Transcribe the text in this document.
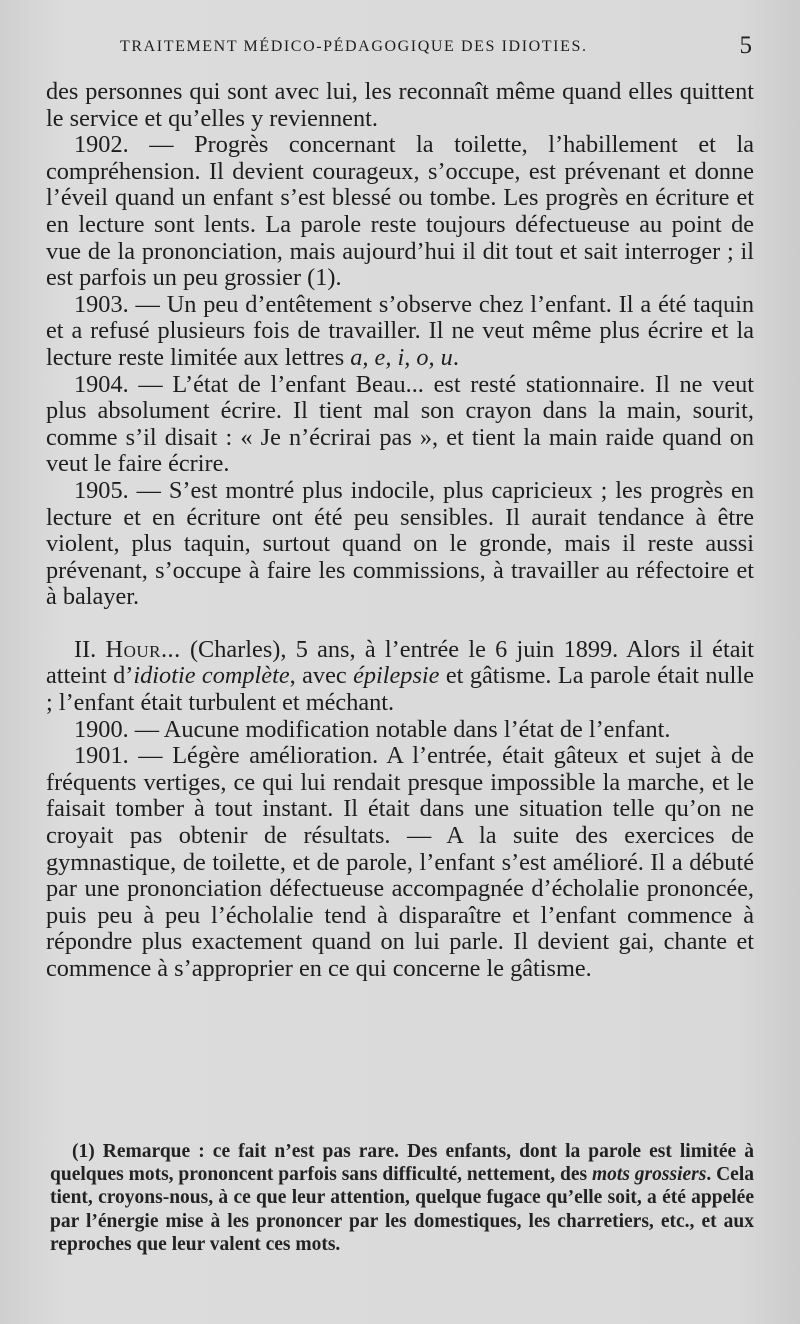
TRAITEMENT MÉDICO-PÉDAGOGIQUE DES IDIOTIES.	5

des personnes qui sont avec lui, les reconnaît même quand elles quittent le service et qu’elles y reviennent.

1902. — Progrès concernant la toilette, l’habillement et la compréhension. Il devient courageux, s’occupe, est prévenant et donne l’éveil quand un enfant s’est blessé ou tombe. Les progrès en écriture et en lecture sont lents. La parole reste toujours défectueuse au point de vue de la prononciation, mais aujourd’hui il dit tout et sait interroger ; il est parfois un peu grossier (1).

1903. — Un peu d’entêtement s’observe chez l’enfant. Il a été taquin et a refusé plusieurs fois de travailler. Il ne veut même plus écrire et la lecture reste limitée aux lettres a, e, i, o, u.

1904. — L’état de l’enfant Beau... est resté stationnaire. Il ne veut plus absolument écrire. Il tient mal son crayon dans la main, sourit, comme s’il disait : « Je n’écrirai pas », et tient la main raide quand on veut le faire écrire.

1905. — S’est montré plus indocile, plus capricieux ; les progrès en lecture et en écriture ont été peu sensibles. Il aurait tendance à être violent, plus taquin, surtout quand on le gronde, mais il reste aussi prévenant, s’occupe à faire les commissions, à travailler au réfectoire et à balayer.

II. Hour... (Charles), 5 ans, à l’entrée le 6 juin 1899. Alors il était atteint d’idiotie complète, avec épilepsie et gâtisme. La parole était nulle ; l’enfant était turbulent et méchant.

1900. — Aucune modification notable dans l’état de l’enfant.

1901. — Légère amélioration. A l’entrée, était gâteux et sujet à de fréquents vertiges, ce qui lui rendait presque impossible la marche, et le faisait tomber à tout instant. Il était dans une situation telle qu’on ne croyait pas obtenir de résultats. — A la suite des exercices de gymnastique, de toilette, et de parole, l’enfant s’est amélioré. Il a débuté par une prononciation défectueuse accompagnée d’écholalie prononcée, puis peu à peu l’écholalie tend à disparaître et l’enfant commence à répondre plus exactement quand on lui parle. Il devient gai, chante et commence à s’approprier en ce qui concerne le gâtisme.

(1) Remarque : ce fait n’est pas rare. Des enfants, dont la parole est limitée à quelques mots, prononcent parfois sans difficulté, nettement, des mots grossiers. Cela tient, croyons-nous, à ce que leur attention, quelque fugace qu’elle soit, a été appelée par l’énergie mise à les prononcer par les domestiques, les charretiers, etc., et aux reproches que leur valent ces mots.
